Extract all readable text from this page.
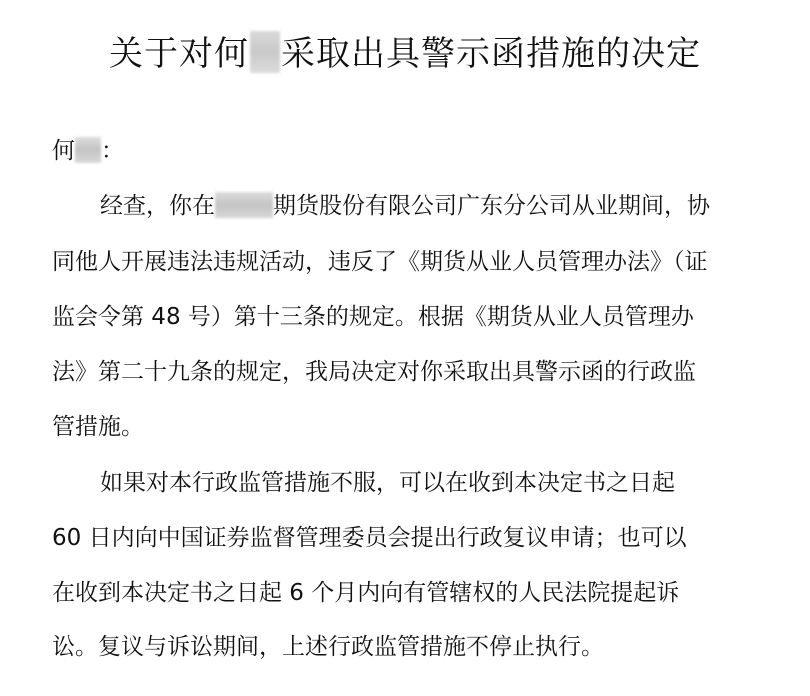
关于对何 采取出具警示函措施的决定
何 ：
经查，你在	期货股份有限公司广东分公司从业期间，协
同他人开展违法违规活动，违反了《期货从业人员管理办法》（证
监会令第 48 号）第十三条的规定。根据《期货从业人员管理办
法》第二十九条的规定，我局决定对你采取出具警示函的行政监
管措施。
如果对本行政监管措施不服，可以在收到本决定书之日起
60 日内向中国证券监督管理委员会提出行政复议申请；也可以
在收到本决定书之日起 6 个月内向有管辖权的人民法院提起诉
讼。复议与诉讼期间，上述行政监管措施不停止执行。
